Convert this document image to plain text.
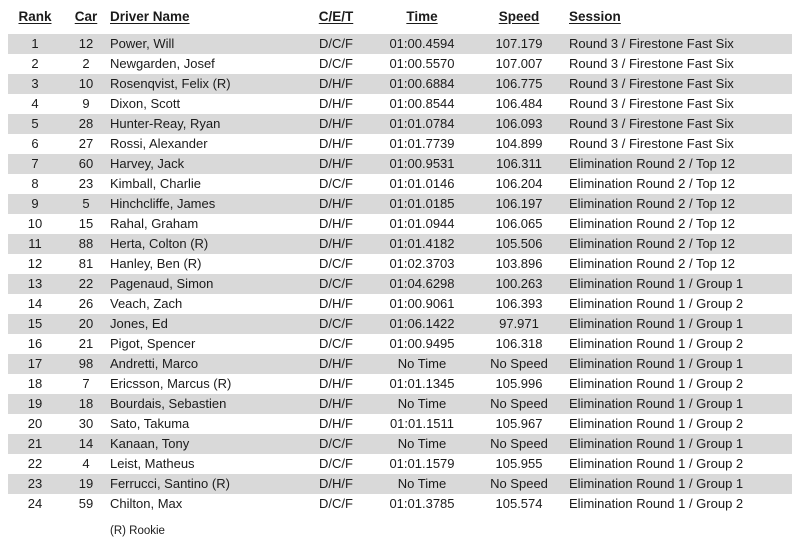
Rank	Car	Driver Name	C/E/T	Time	Speed	Session
1	12	Power, Will	D/C/F	01:00.4594	107.179	Round 3 / Firestone Fast Six
2	2	Newgarden, Josef	D/C/F	01:00.5570	107.007	Round 3 / Firestone Fast Six
3	10	Rosenqvist, Felix (R)	D/H/F	01:00.6884	106.775	Round 3 / Firestone Fast Six
4	9	Dixon, Scott	D/H/F	01:00.8544	106.484	Round 3 / Firestone Fast Six
5	28	Hunter-Reay, Ryan	D/H/F	01:01.0784	106.093	Round 3 / Firestone Fast Six
6	27	Rossi, Alexander	D/H/F	01:01.7739	104.899	Round 3 / Firestone Fast Six
7	60	Harvey, Jack	D/H/F	01:00.9531	106.311	Elimination Round 2 / Top 12
8	23	Kimball, Charlie	D/C/F	01:01.0146	106.204	Elimination Round 2 / Top 12
9	5	Hinchcliffe, James	D/H/F	01:01.0185	106.197	Elimination Round 2 / Top 12
10	15	Rahal, Graham	D/H/F	01:01.0944	106.065	Elimination Round 2 / Top 12
11	88	Herta, Colton (R)	D/H/F	01:01.4182	105.506	Elimination Round 2 / Top 12
12	81	Hanley, Ben (R)	D/C/F	01:02.3703	103.896	Elimination Round 2 / Top 12
13	22	Pagenaud, Simon	D/C/F	01:04.6298	100.263	Elimination Round 1 / Group 1
14	26	Veach, Zach	D/H/F	01:00.9061	106.393	Elimination Round 1 / Group 2
15	20	Jones, Ed	D/C/F	01:06.1422	97.971	Elimination Round 1 / Group 1
16	21	Pigot, Spencer	D/C/F	01:00.9495	106.318	Elimination Round 1 / Group 2
17	98	Andretti, Marco	D/H/F	No Time	No Speed	Elimination Round 1 / Group 1
18	7	Ericsson, Marcus (R)	D/H/F	01:01.1345	105.996	Elimination Round 1 / Group 2
19	18	Bourdais, Sebastien	D/H/F	No Time	No Speed	Elimination Round 1 / Group 1
20	30	Sato, Takuma	D/H/F	01:01.1511	105.967	Elimination Round 1 / Group 2
21	14	Kanaan, Tony	D/C/F	No Time	No Speed	Elimination Round 1 / Group 1
22	4	Leist, Matheus	D/C/F	01:01.1579	105.955	Elimination Round 1 / Group 2
23	19	Ferrucci, Santino (R)	D/H/F	No Time	No Speed	Elimination Round 1 / Group 1
24	59	Chilton, Max	D/C/F	01:01.3785	105.574	Elimination Round 1 / Group 2
(R) Rookie
